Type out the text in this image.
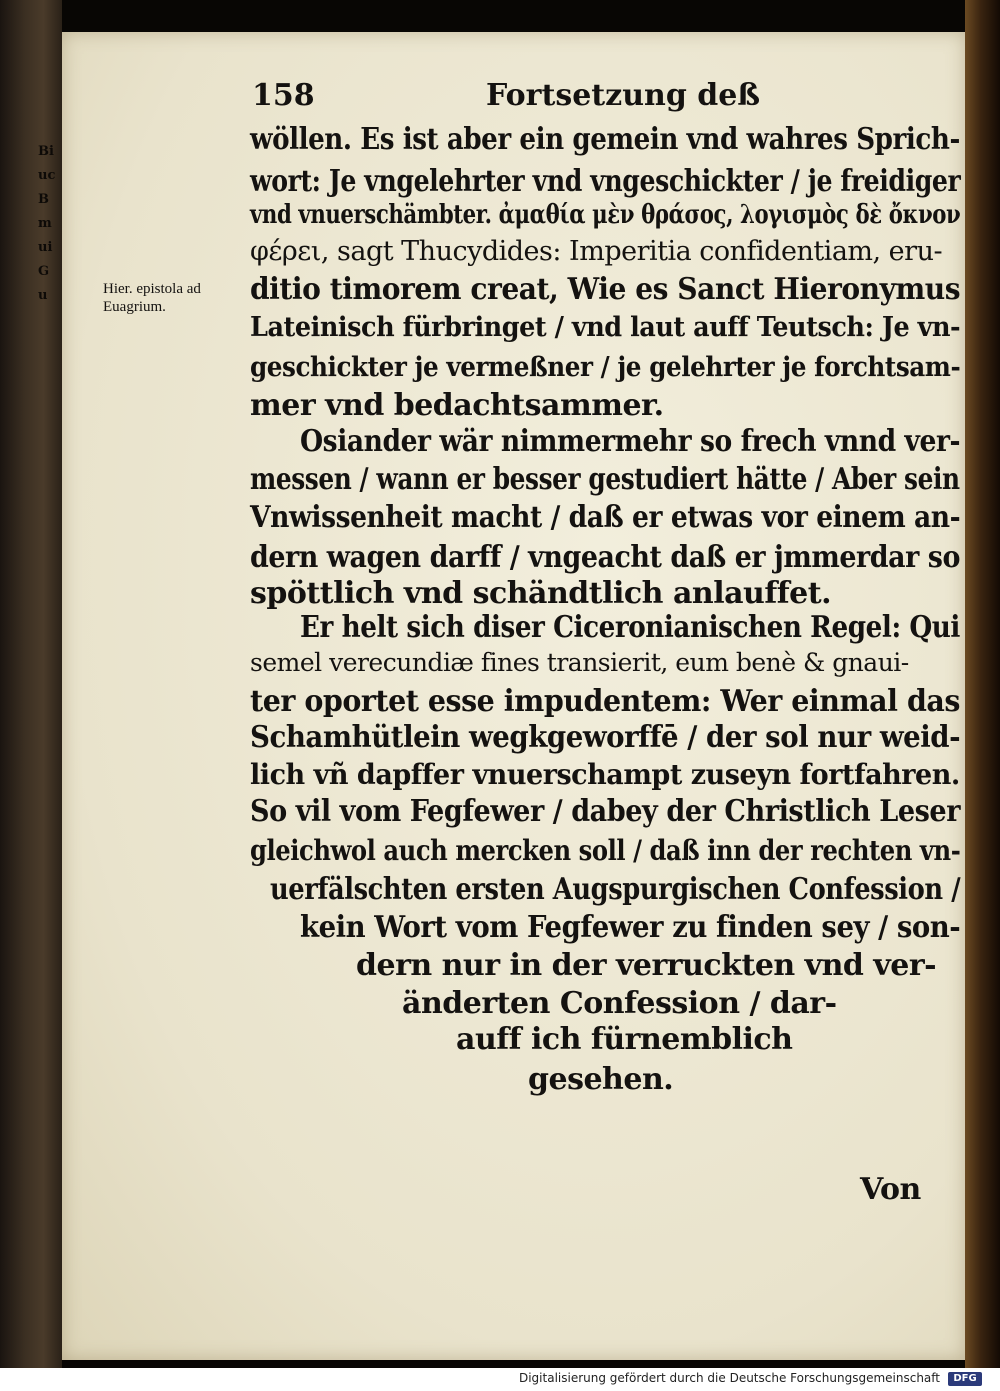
Bi uc B m ui G u
158	Fortsetzung deß
Hier. epistola ad
Euagrium.
wöllen. Es ist aber ein gemein vnd wahres Sprich-
wort: Je vngelehrter vnd vngeschickter / je freidiger
vnd vnuerschämbter. ἀμαθία μὲν θράσος, λογισμὸς δὲ ὄκνον
φέρει, sagt Thucydides: Imperitia confidentiam, eru-
ditio timorem creat, Wie es Sanct Hieronymus
Lateinisch fürbringet / vnd laut auff Teutsch: Je vn-
geschickter je vermeßner / je gelehrter je forchtsam-
mer vnd bedachtsammer.
Osiander wär nimmermehr so frech vnnd ver-
messen / wann er besser gestudiert hätte / Aber sein
Vnwissenheit macht / daß er etwas vor einem an-
dern wagen darff / vngeacht daß er jmmerdar so
spöttlich vnd schändtlich anlauffet.
Er helt sich diser Ciceronianischen Regel: Qui
semel verecundiæ fines transierit, eum benè & gnaui-
ter oportet esse impudentem: Wer einmal das
Schamhütlein wegkgeworffē / der sol nur weid-
lich vñ dapffer vnuerschampt zuseyn fortfahren.
So vil vom Fegfewer / dabey der Christlich Leser
gleichwol auch mercken soll / daß inn der rechten vn-
uerfälschten ersten Augspurgischen Confession /
kein Wort vom Fegfewer zu finden sey / son-
dern nur in der verruckten vnd ver-
änderten Confession / dar-
auff ich fürnemblich
gesehen.
Von
Digitalisierung gefördert durch die Deutsche Forschungsgemeinschaft	DFG
